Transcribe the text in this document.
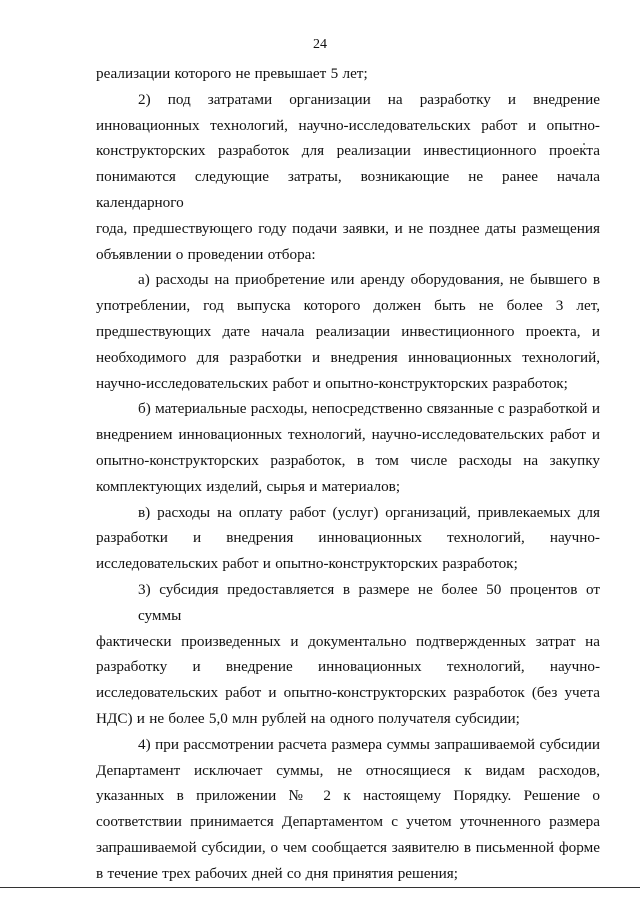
24
реализации которого не превышает 5 лет;
2) под затратами организации на разработку и внедрение
инновационных технологий, научно-исследовательских работ и опытно-
конструкторских разработок для реализации инвестиционного проекта
понимаются следующие затраты, возникающие не ранее начала календарного
года, предшествующего году подачи заявки, и не позднее даты размещения
объявлении о проведении отбора:
а) расходы на приобретение или аренду оборудования, не бывшего в
употреблении, год выпуска которого должен быть не более 3 лет,
предшествующих дате начала реализации инвестиционного проекта, и
необходимого для разработки и внедрения инновационных технологий,
научно-исследовательских работ и опытно-конструкторских разработок;
б) материальные расходы, непосредственно связанные с разработкой и
внедрением инновационных технологий, научно-исследовательских работ и
опытно-конструкторских разработок, в том числе расходы на закупку
комплектующих изделий, сырья и материалов;
в) расходы на оплату работ (услуг) организаций, привлекаемых для
разработки и внедрения инновационных технологий, научно-
исследовательских работ и опытно-конструкторских разработок;
3) субсидия предоставляется в размере не более 50 процентов от суммы
фактически произведенных и документально подтвержденных затрат на
разработку и внедрение инновационных технологий, научно-
исследовательских работ и опытно-конструкторских разработок (без учета
НДС) и не более 5,0 млн рублей на одного получателя субсидии;
4) при рассмотрении расчета размера суммы запрашиваемой субсидии
Департамент исключает суммы, не относящиеся к видам расходов,
указанных в приложении № 2 к настоящему Порядку. Решение о
соответствии принимается Департаментом с учетом уточненного размера
запрашиваемой субсидии, о чем сообщается заявителю в письменной форме
в течение трех рабочих дней со дня принятия решения;
